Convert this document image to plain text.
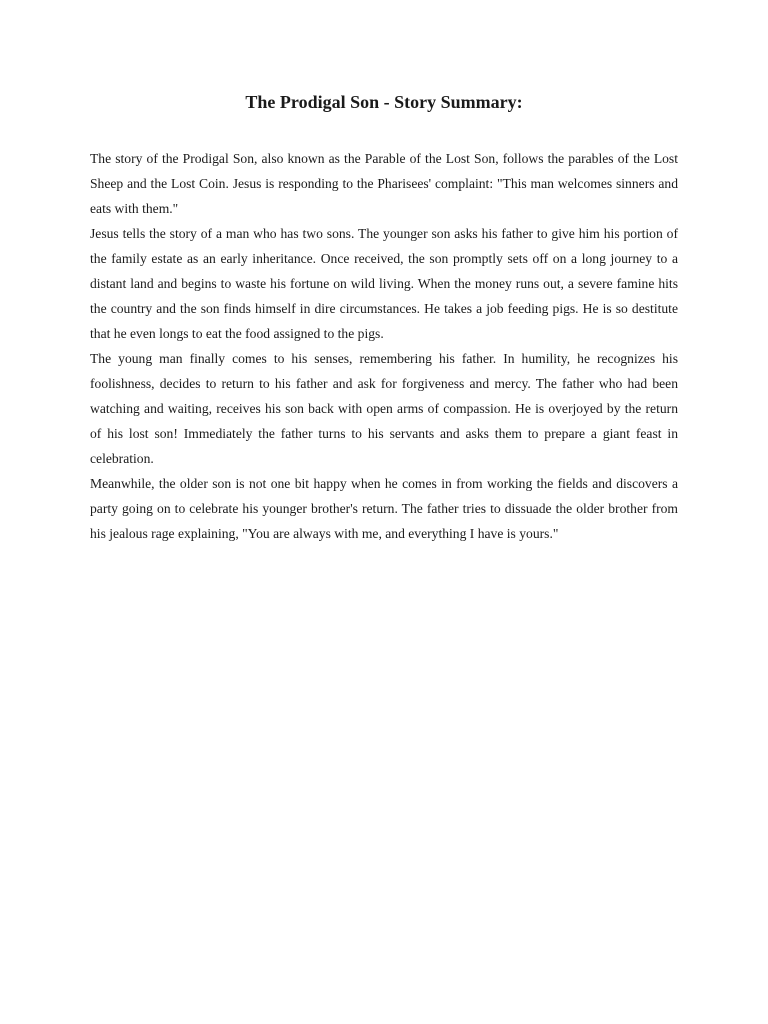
The Prodigal Son - Story Summary:

The story of the Prodigal Son, also known as the Parable of the Lost Son, follows the parables of the Lost Sheep and the Lost Coin. Jesus is responding to the Pharisees' complaint: "This man welcomes sinners and eats with them."

Jesus tells the story of a man who has two sons. The younger son asks his father to give him his portion of the family estate as an early inheritance. Once received, the son promptly sets off on a long journey to a distant land and begins to waste his fortune on wild living. When the money runs out, a severe famine hits the country and the son finds himself in dire circumstances. He takes a job feeding pigs. He is so destitute that he even longs to eat the food assigned to the pigs.

The young man finally comes to his senses, remembering his father. In humility, he recognizes his foolishness, decides to return to his father and ask for forgiveness and mercy. The father who had been watching and waiting, receives his son back with open arms of compassion. He is overjoyed by the return of his lost son! Immediately the father turns to his servants and asks them to prepare a giant feast in celebration.

Meanwhile, the older son is not one bit happy when he comes in from working the fields and discovers a party going on to celebrate his younger brother's return. The father tries to dissuade the older brother from his jealous rage explaining, "You are always with me, and everything I have is yours."
